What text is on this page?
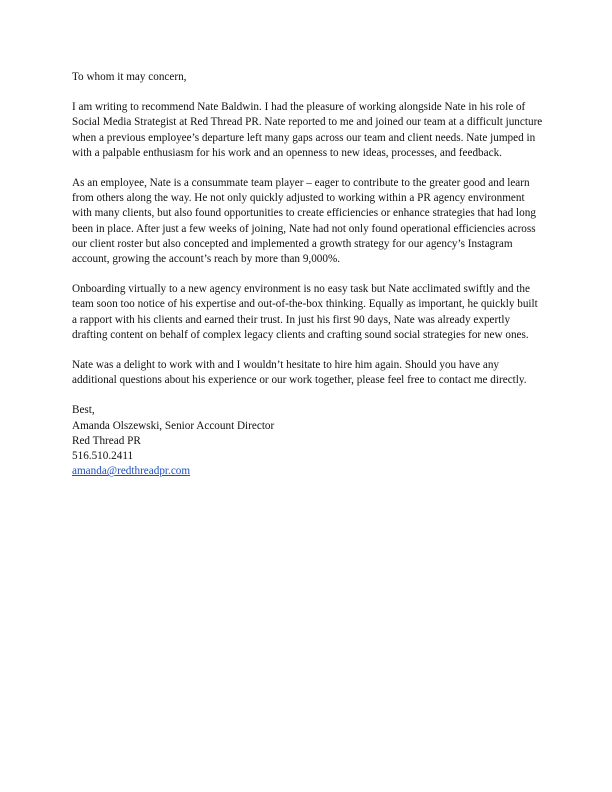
To whom it may concern,

I am writing to recommend Nate Baldwin. I had the pleasure of working alongside Nate in his role of Social Media Strategist at Red Thread PR. Nate reported to me and joined our team at a difficult juncture when a previous employee’s departure left many gaps across our team and client needs. Nate jumped in with a palpable enthusiasm for his work and an openness to new ideas, processes, and feedback.

As an employee, Nate is a consummate team player – eager to contribute to the greater good and learn from others along the way. He not only quickly adjusted to working within a PR agency environment with many clients, but also found opportunities to create efficiencies or enhance strategies that had long been in place. After just a few weeks of joining, Nate had not only found operational efficiencies across our client roster but also concepted and implemented a growth strategy for our agency’s Instagram account, growing the account’s reach by more than 9,000%.

Onboarding virtually to a new agency environment is no easy task but Nate acclimated swiftly and the team soon too notice of his expertise and out-of-the-box thinking. Equally as important, he quickly built a rapport with his clients and earned their trust. In just his first 90 days, Nate was already expertly drafting content on behalf of complex legacy clients and crafting sound social strategies for new ones.

Nate was a delight to work with and I wouldn’t hesitate to hire him again. Should you have any additional questions about his experience or our work together, please feel free to contact me directly.

Best,
Amanda Olszewski, Senior Account Director
Red Thread PR
516.510.2411
amanda@redthreadpr.com
